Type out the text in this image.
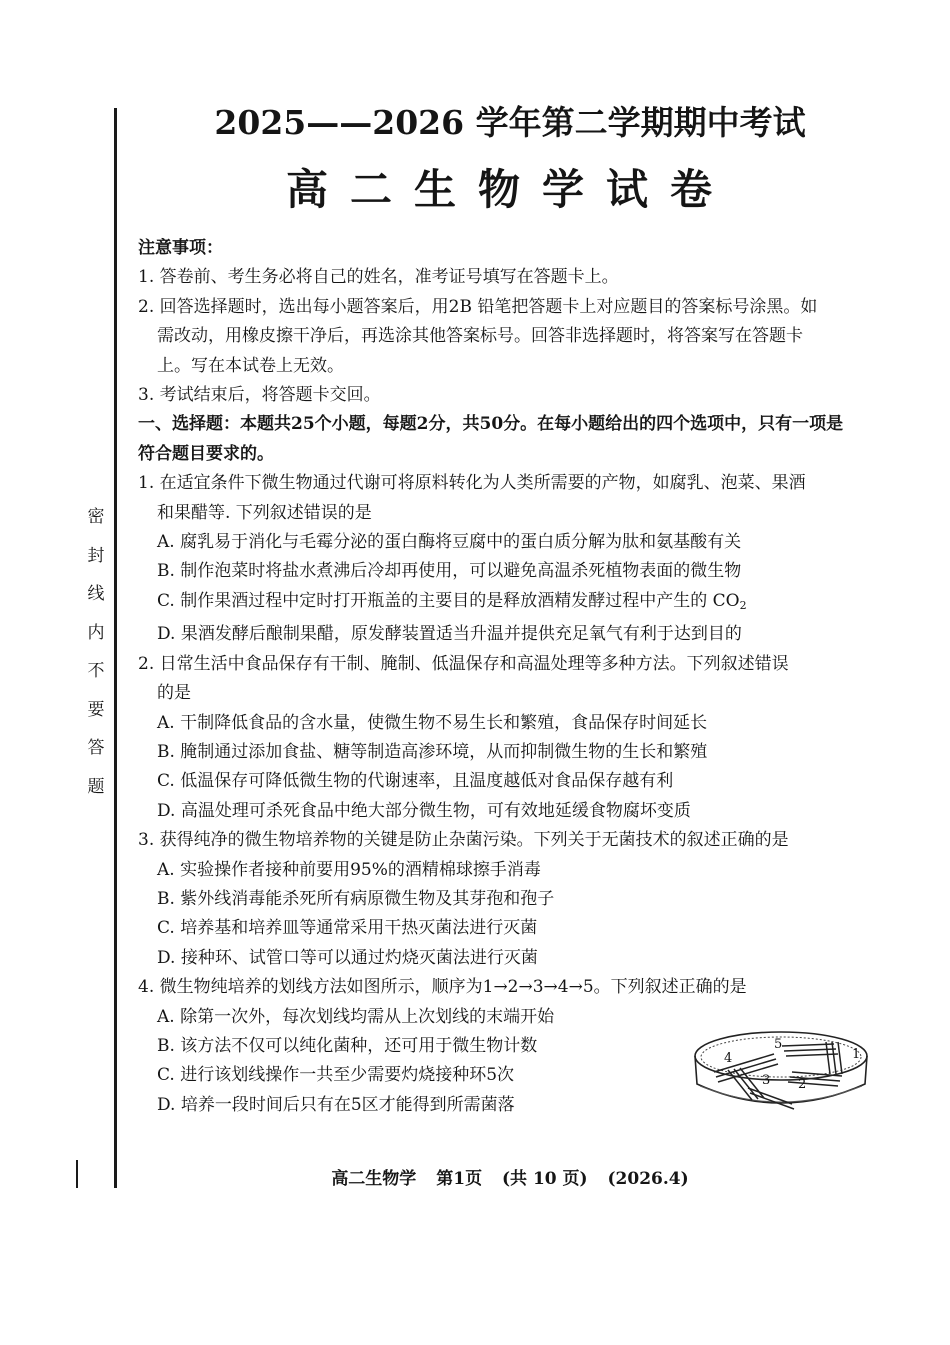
密
封
线
内
不
要
答
题
2025——2026 学年第二学期期中考试
高二生物学试卷
注意事项：
1. 答卷前、考生务必将自己的姓名，准考证号填写在答题卡上。
2. 回答选择题时，选出每小题答案后，用2B 铅笔把答题卡上对应题目的答案标号涂黑。如
需改动，用橡皮擦干净后，再选涂其他答案标号。回答非选择题时，将答案写在答题卡
上。写在本试卷上无效。
3. 考试结束后，将答题卡交回。
一、选择题：本题共25个小题，每题2分，共50分。在每小题给出的四个选项中，只有一项是
符合题目要求的。
1. 在适宜条件下微生物通过代谢可将原料转化为人类所需要的产物，如腐乳、泡菜、果酒
和果醋等. 下列叙述错误的是
A. 腐乳易于消化与毛霉分泌的蛋白酶将豆腐中的蛋白质分解为肽和氨基酸有关
B. 制作泡菜时将盐水煮沸后冷却再使用，可以避免高温杀死植物表面的微生物
C. 制作果酒过程中定时打开瓶盖的主要目的是释放酒精发酵过程中产生的 $CO_2$
D. 果酒发酵后酿制果醋，原发酵装置适当升温并提供充足氧气有利于达到目的
2. 日常生活中食品保存有干制、腌制、低温保存和高温处理等多种方法。下列叙述错误
的是
A. 干制降低食品的含水量，使微生物不易生长和繁殖，食品保存时间延长
B. 腌制通过添加食盐、糖等制造高渗环境，从而抑制微生物的生长和繁殖
C. 低温保存可降低微生物的代谢速率，且温度越低对食品保存越有利
D. 高温处理可杀死食品中绝大部分微生物，可有效地延缓食物腐坏变质
3. 获得纯净的微生物培养物的关键是防止杂菌污染。下列关于无菌技术的叙述正确的是
A. 实验操作者接种前要用95%的酒精棉球擦手消毒
B. 紫外线消毒能杀死所有病原微生物及其芽孢和孢子
C. 培养基和培养皿等通常采用干热灭菌法进行灭菌
D. 接种环、试管口等可以通过灼烧灭菌法进行灭菌
4. 微生物纯培养的划线方法如图所示，顺序为1→2→3→4→5。下列叙述正确的是
A. 除第一次外，每次划线均需从上次划线的末端开始
B. 该方法不仅可以纯化菌种，还可用于微生物计数
C. 进行该划线操作一共至少需要灼烧接种环5次
D. 培养一段时间后只有在5区才能得到所需菌落
1
2
3
4
5
高二生物学 第1页 (共 10 页) (2026.4)
